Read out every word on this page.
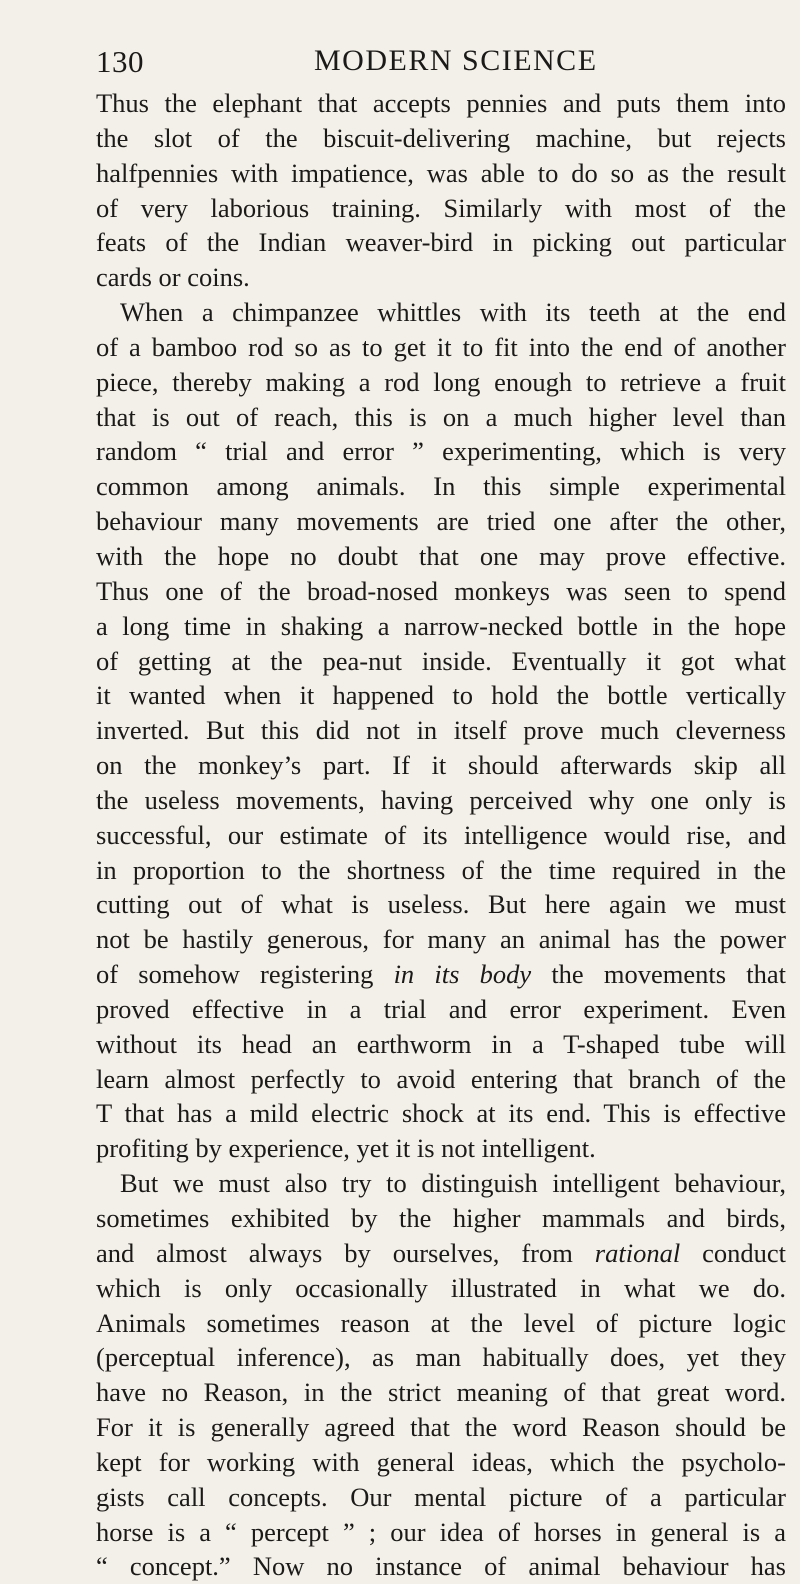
130	MODERN SCIENCE
Thus the elephant that accepts pennies and puts them into
the slot of the biscuit-delivering machine, but rejects
halfpennies with impatience, was able to do so as the result
of very laborious training. Similarly with most of the
feats of the Indian weaver-bird in picking out particular
cards or coins.
When a chimpanzee whittles with its teeth at the end
of a bamboo rod so as to get it to fit into the end of another
piece, thereby making a rod long enough to retrieve a fruit
that is out of reach, this is on a much higher level than
random “ trial and error ” experimenting, which is very
common among animals. In this simple experimental
behaviour many movements are tried one after the other,
with the hope no doubt that one may prove effective.
Thus one of the broad-nosed monkeys was seen to spend
a long time in shaking a narrow-necked bottle in the hope
of getting at the pea-nut inside. Eventually it got what
it wanted when it happened to hold the bottle vertically
inverted. But this did not in itself prove much cleverness
on the monkey’s part. If it should afterwards skip all
the useless movements, having perceived why one only is
successful, our estimate of its intelligence would rise, and
in proportion to the shortness of the time required in the
cutting out of what is useless. But here again we must
not be hastily generous, for many an animal has the power
of somehow registering in its body the movements that
proved effective in a trial and error experiment. Even
without its head an earthworm in a T-shaped tube will
learn almost perfectly to avoid entering that branch of the
T that has a mild electric shock at its end. This is effective
profiting by experience, yet it is not intelligent.
But we must also try to distinguish intelligent behaviour,
sometimes exhibited by the higher mammals and birds,
and almost always by ourselves, from rational conduct
which is only occasionally illustrated in what we do.
Animals sometimes reason at the level of picture logic
(perceptual inference), as man habitually does, yet they
have no Reason, in the strict meaning of that great word.
For it is generally agreed that the word Reason should be
kept for working with general ideas, which the psycholo-
gists call concepts. Our mental picture of a particular
horse is a “ percept ” ; our idea of horses in general is a
“ concept.” Now no instance of animal behaviour has
